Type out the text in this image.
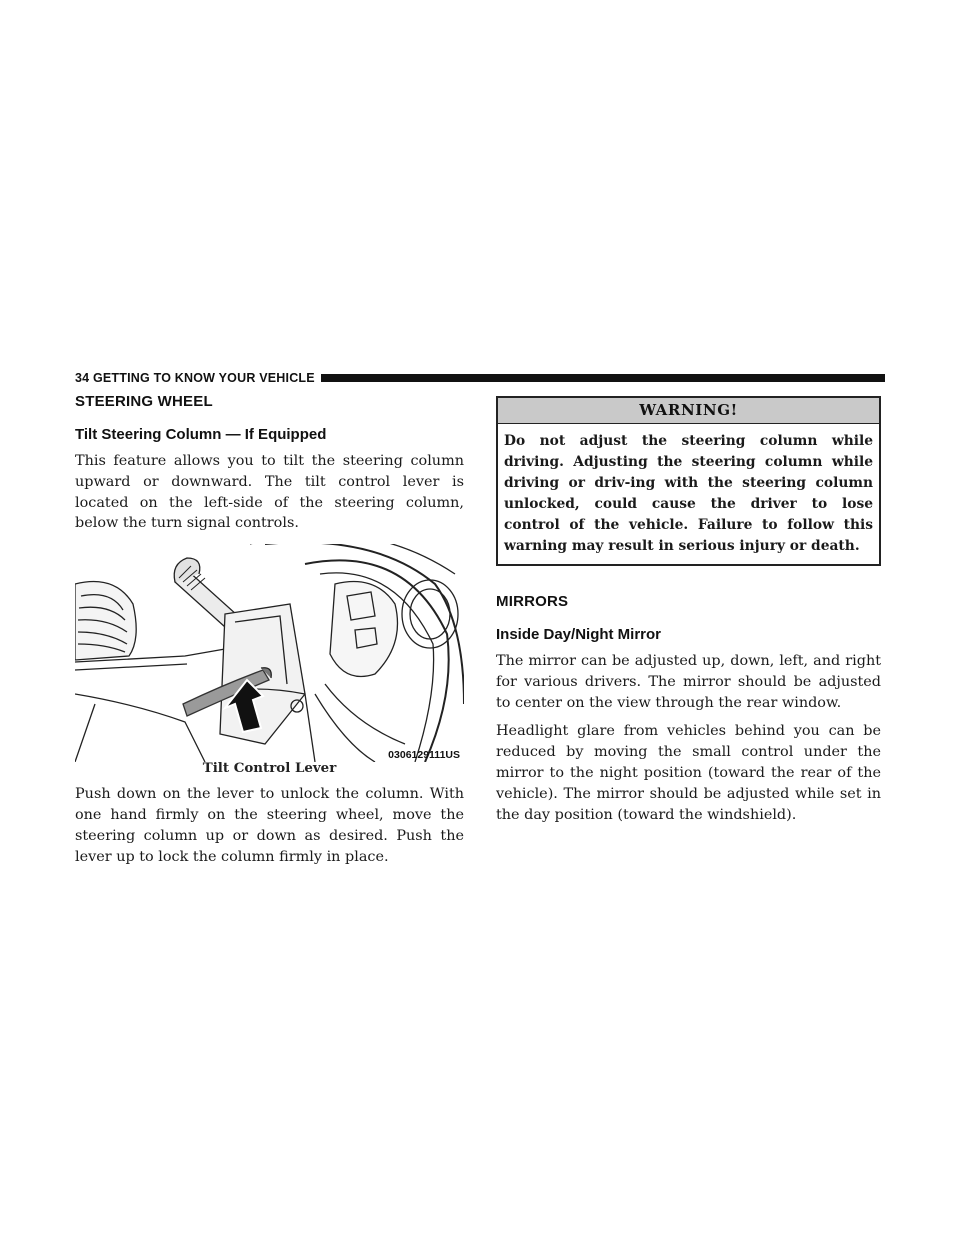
34 GETTING TO KNOW YOUR VEHICLE
STEERING WHEEL
Tilt Steering Column — If Equipped

This feature allows you to tilt the steering column upward or downward. The tilt control lever is located on the left-side of the steering column, below the turn signal controls.

0306129111US
Tilt Control Lever

Push down on the lever to unlock the column. With one hand firmly on the steering wheel, move the steering column up or down as desired. Push the lever up to lock the column firmly in place.

WARNING!
Do not adjust the steering column while driving. Adjusting the steering column while driving or driv-ing with the steering column unlocked, could cause the driver to lose control of the vehicle. Failure to follow this warning may result in serious injury or death.
MIRRORS
Inside Day/Night Mirror

The mirror can be adjusted up, down, left, and right for various drivers. The mirror should be adjusted to center on the view through the rear window.

Headlight glare from vehicles behind you can be reduced by moving the small control under the mirror to the night position (toward the rear of the vehicle). The mirror should be adjusted while set in the day position (toward the windshield).
